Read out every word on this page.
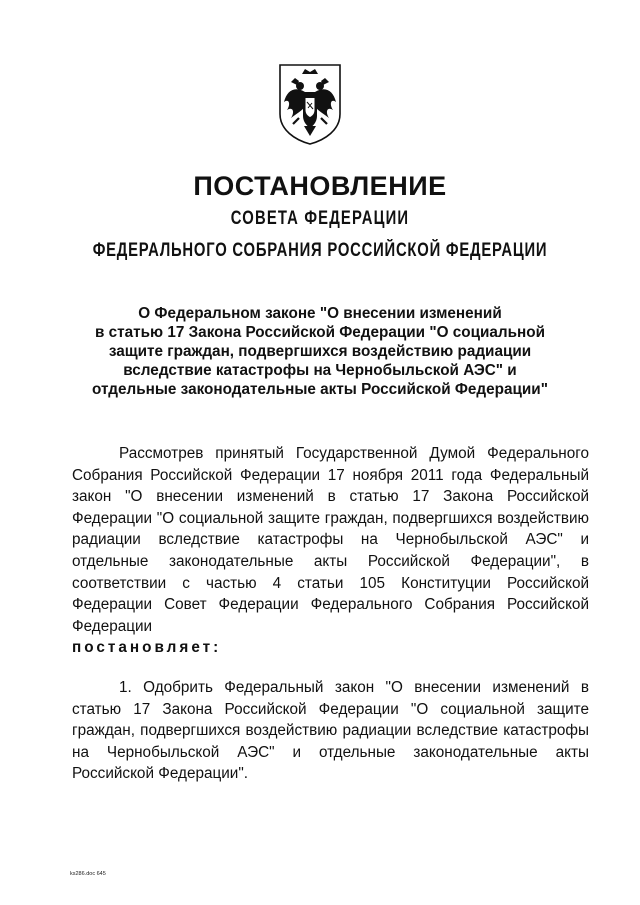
ПОСТАНОВЛЕНИЕ
СОВЕТА ФЕДЕРАЦИИ
ФЕДЕРАЛЬНОГО СОБРАНИЯ РОССИЙСКОЙ ФЕДЕРАЦИИ
О Федеральном законе "О внесении изменений
в статью 17 Закона Российской Федерации "О социальной
защите граждан, подвергшихся воздействию радиации
вследствие катастрофы на Чернобыльской АЭС" и
отдельные законодательные акты Российской Федерации"

Рассмотрев принятый Государственной Думой Федерального Собрания Российской Федерации 17 ноября 2011 года Федеральный закон "О внесении изменений в статью 17 Закона Российской Федерации "О социальной защите граждан, подвергшихся воздействию радиации вследствие катастрофы на Чернобыльской АЭС" и отдельные законодательные акты Российской Федерации", в соответствии с частью 4 статьи 105 Конституции Российской Федерации Совет Федерации Федерального Собрания Российской Федерации
постановляет:

1. Одобрить Федеральный закон "О внесении изменений в статью 17 Закона Российской Федерации "О социальной защите граждан, подвергшихся воздействию радиации вследствие катастрофы на Чернобыльской АЭС" и отдельные законодательные акты Российской Федерации".

ks286.doc 645
